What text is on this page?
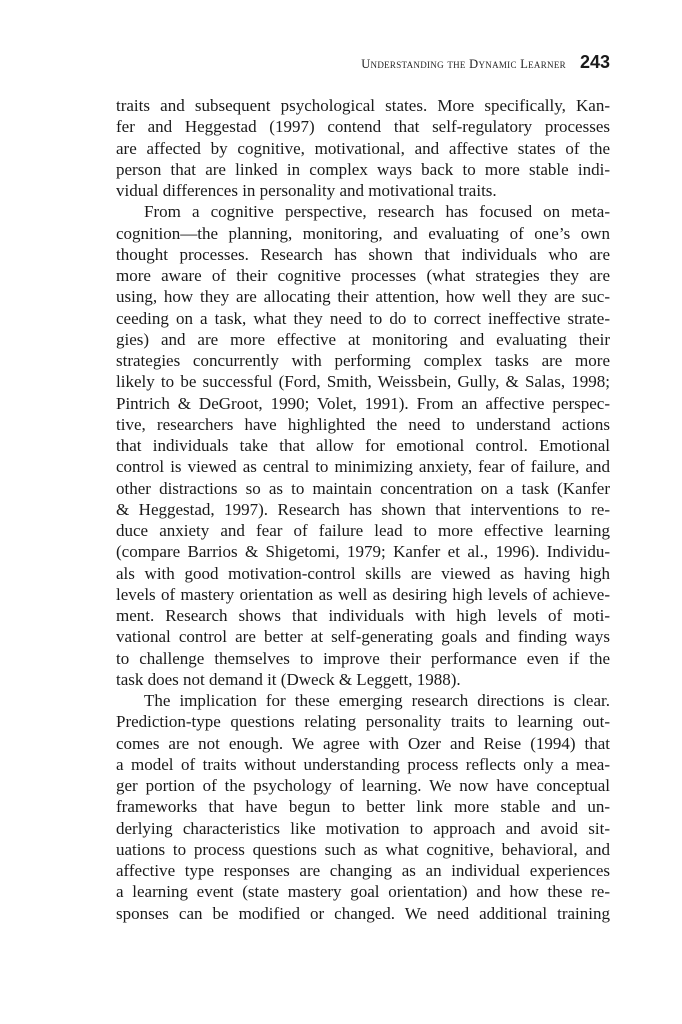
Understanding the Dynamic Learner 243
traits and subsequent psychological states. More specifically, Kan-
fer and Heggestad (1997) contend that self-regulatory processes
are affected by cognitive, motivational, and affective states of the
person that are linked in complex ways back to more stable indi-
vidual differences in personality and motivational traits.
From a cognitive perspective, research has focused on meta-
cognition—the planning, monitoring, and evaluating of one’s own
thought processes. Research has shown that individuals who are
more aware of their cognitive processes (what strategies they are
using, how they are allocating their attention, how well they are suc-
ceeding on a task, what they need to do to correct ineffective strate-
gies) and are more effective at monitoring and evaluating their
strategies concurrently with performing complex tasks are more
likely to be successful (Ford, Smith, Weissbein, Gully, & Salas, 1998;
Pintrich & DeGroot, 1990; Volet, 1991). From an affective perspec-
tive, researchers have highlighted the need to understand actions
that individuals take that allow for emotional control. Emotional
control is viewed as central to minimizing anxiety, fear of failure, and
other distractions so as to maintain concentration on a task (Kanfer
& Heggestad, 1997). Research has shown that interventions to re-
duce anxiety and fear of failure lead to more effective learning
(compare Barrios & Shigetomi, 1979; Kanfer et al., 1996). Individu-
als with good motivation-control skills are viewed as having high
levels of mastery orientation as well as desiring high levels of achieve-
ment. Research shows that individuals with high levels of moti-
vational control are better at self-generating goals and finding ways
to challenge themselves to improve their performance even if the
task does not demand it (Dweck & Leggett, 1988).
The implication for these emerging research directions is clear.
Prediction-type questions relating personality traits to learning out-
comes are not enough. We agree with Ozer and Reise (1994) that
a model of traits without understanding process reflects only a mea-
ger portion of the psychology of learning. We now have conceptual
frameworks that have begun to better link more stable and un-
derlying characteristics like motivation to approach and avoid sit-
uations to process questions such as what cognitive, behavioral, and
affective type responses are changing as an individual experiences
a learning event (state mastery goal orientation) and how these re-
sponses can be modified or changed. We need additional training
